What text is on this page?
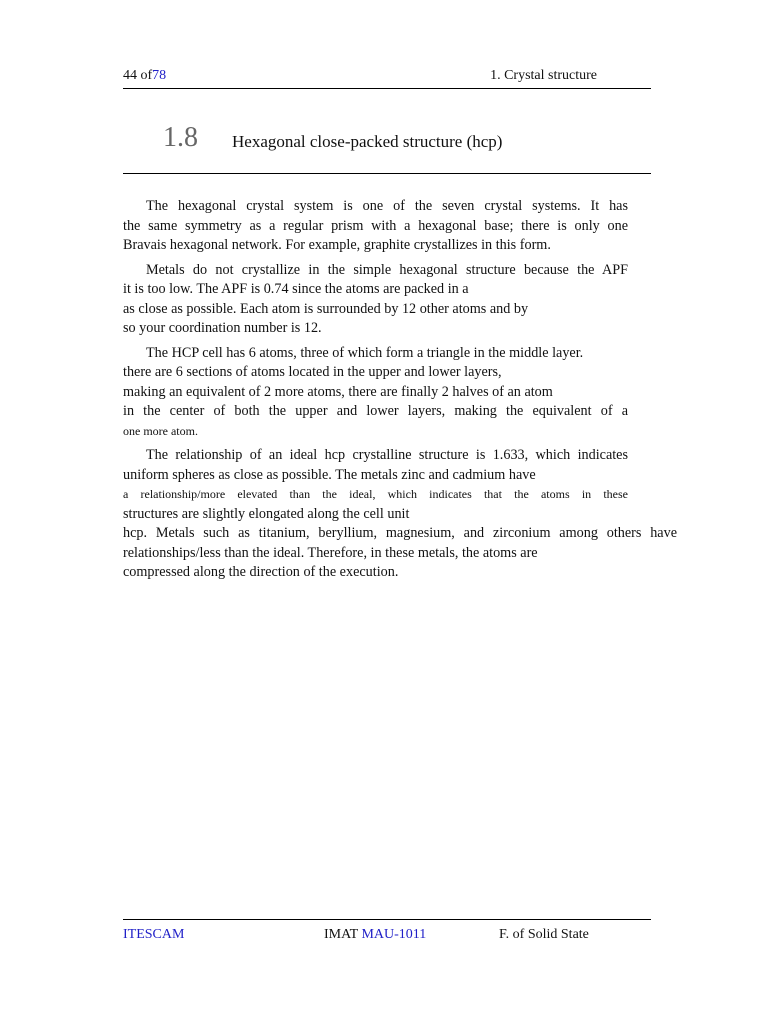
44 of78	1. Crystal structure
1.8 Hexagonal close-packed structure (hcp)
The hexagonal crystal system is one of the seven crystal systems. It has
the same symmetry as a regular prism with a hexagonal base; there is only one
Bravais hexagonal network. For example, graphite crystallizes in this form.
Metals do not crystallize in the simple hexagonal structure because the APF
it is too low. The APF is 0.74 since the atoms are packed in a
as close as possible. Each atom is surrounded by 12 other atoms and by
so your coordination number is 12.
The HCP cell has 6 atoms, three of which form a triangle in the middle layer.
there are 6 sections of atoms located in the upper and lower layers,
making an equivalent of 2 more atoms, there are finally 2 halves of an atom
in the center of both the upper and lower layers, making the equivalent of a
one more atom.
The relationship of an ideal hcp crystalline structure is 1.633, which indicates
uniform spheres as close as possible. The metals zinc and cadmium have
a relationship/more elevated than the ideal, which indicates that the atoms in these
structures are slightly elongated along the cell unit
hcp. Metals such as titanium, beryllium, magnesium, and zirconium among others have
relationships/less than the ideal. Therefore, in these metals, the atoms are
compressed along the direction of the execution.
ITESCAM	IMAT MAU-1011	F. of Solid State
